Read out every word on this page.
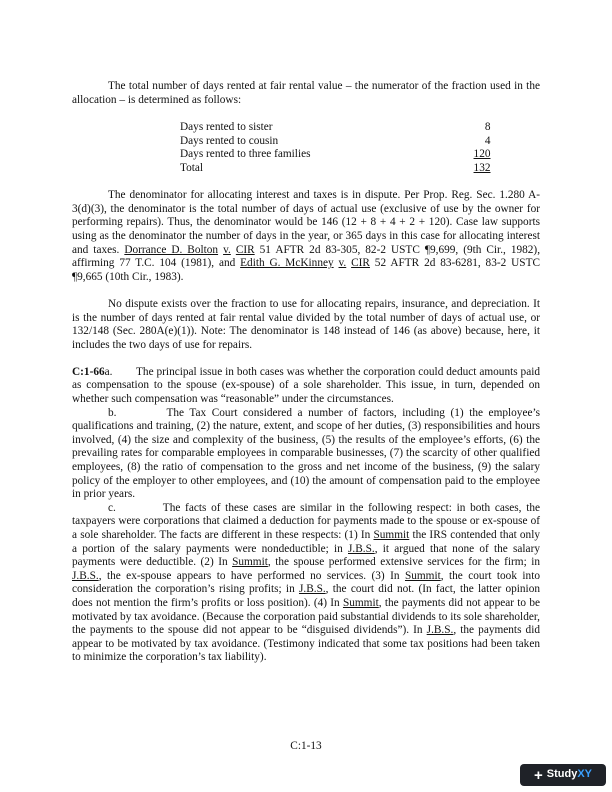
The total number of days rented at fair rental value – the numerator of the fraction used in the allocation – is determined as follows:

Days rented to sister	8
Days rented to cousin	4
Days rented to three families	120
Total	132

The denominator for allocating interest and taxes is in dispute. Per Prop. Reg. Sec. 1.280 A-3(d)(3), the denominator is the total number of days of actual use (exclusive of use by the owner for performing repairs). Thus, the denominator would be 146 (12 + 8 + 4 + 2 + 120). Case law supports using as the denominator the number of days in the year, or 365 days in this case for allocating interest and taxes. Dorrance D. Bolton v. CIR 51 AFTR 2d 83-305, 82-2 USTC ¶9,699, (9th Cir., 1982), affirming 77 T.C. 104 (1981), and Edith G. McKinney v. CIR 52 AFTR 2d 83-6281, 83-2 USTC ¶9,665 (10th Cir., 1983).

No dispute exists over the fraction to use for allocating repairs, insurance, and depreciation. It is the number of days rented at fair rental value divided by the total number of days of actual use, or 132/148 (Sec. 280A(e)(1)). Note: The denominator is 148 instead of 146 (as above) because, here, it includes the two days of use for repairs.

C:1-66a. The principal issue in both cases was whether the corporation could deduct amounts paid as compensation to the spouse (ex-spouse) of a sole shareholder. This issue, in turn, depended on whether such compensation was “reasonable” under the circumstances.

b.	The Tax Court considered a number of factors, including (1) the employee’s qualifications and training, (2) the nature, extent, and scope of her duties, (3) responsibilities and hours involved, (4) the size and complexity of the business, (5) the results of the employee’s efforts, (6) the prevailing rates for comparable employees in comparable businesses, (7) the scarcity of other qualified employees, (8) the ratio of compensation to the gross and net income of the business, (9) the salary policy of the employer to other employees, and (10) the amount of compensation paid to the employee in prior years.

c.	The facts of these cases are similar in the following respect: in both cases, the taxpayers were corporations that claimed a deduction for payments made to the spouse or ex-spouse of a sole shareholder. The facts are different in these respects: (1) In Summit the IRS contended that only a portion of the salary payments were nondeductible; in J.B.S., it argued that none of the salary payments were deductible. (2) In Summit, the spouse performed extensive services for the firm; in J.B.S., the ex-spouse appears to have performed no services. (3) In Summit, the court took into consideration the corporation’s rising profits; in J.B.S., the court did not. (In fact, the latter opinion does not mention the firm’s profits or loss position). (4) In Summit, the payments did not appear to be motivated by tax avoidance. (Because the corporation paid substantial dividends to its sole shareholder, the payments to the spouse did not appear to be “disguised dividends”). In J.B.S., the payments did appear to be motivated by tax avoidance. (Testimony indicated that some tax positions had been taken to minimize the corporation’s tax liability).

C:1-13
+ StudyXY
